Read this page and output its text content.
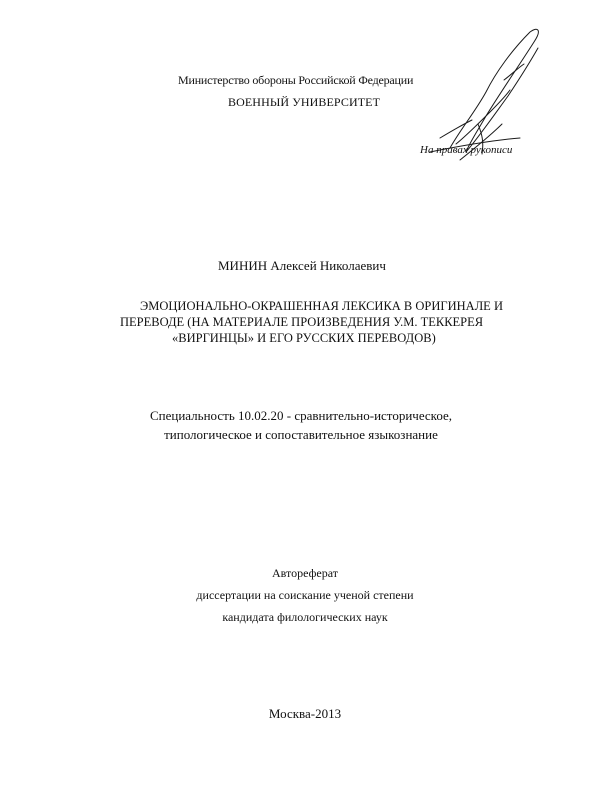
Министерство обороны Российской Федерации
ВОЕННЫЙ УНИВЕРСИТЕТ
На правах рукописи
МИНИН Алексей Николаевич
ЭМОЦИОНАЛЬНО-ОКРАШЕННАЯ ЛЕКСИКА В ОРИГИНАЛЕ И
ПЕРЕВОДЕ (НА МАТЕРИАЛЕ ПРОИЗВЕДЕНИЯ У.М. ТЕККЕРЕЯ
«ВИРГИНЦЫ» И ЕГО РУССКИХ ПЕРЕВОДОВ)
Специальность 10.02.20 - сравнительно-историческое,
типологическое и сопоставительное языкознание
Автореферат
диссертации на соискание ученой степени
кандидата филологических наук
Москва-2013
